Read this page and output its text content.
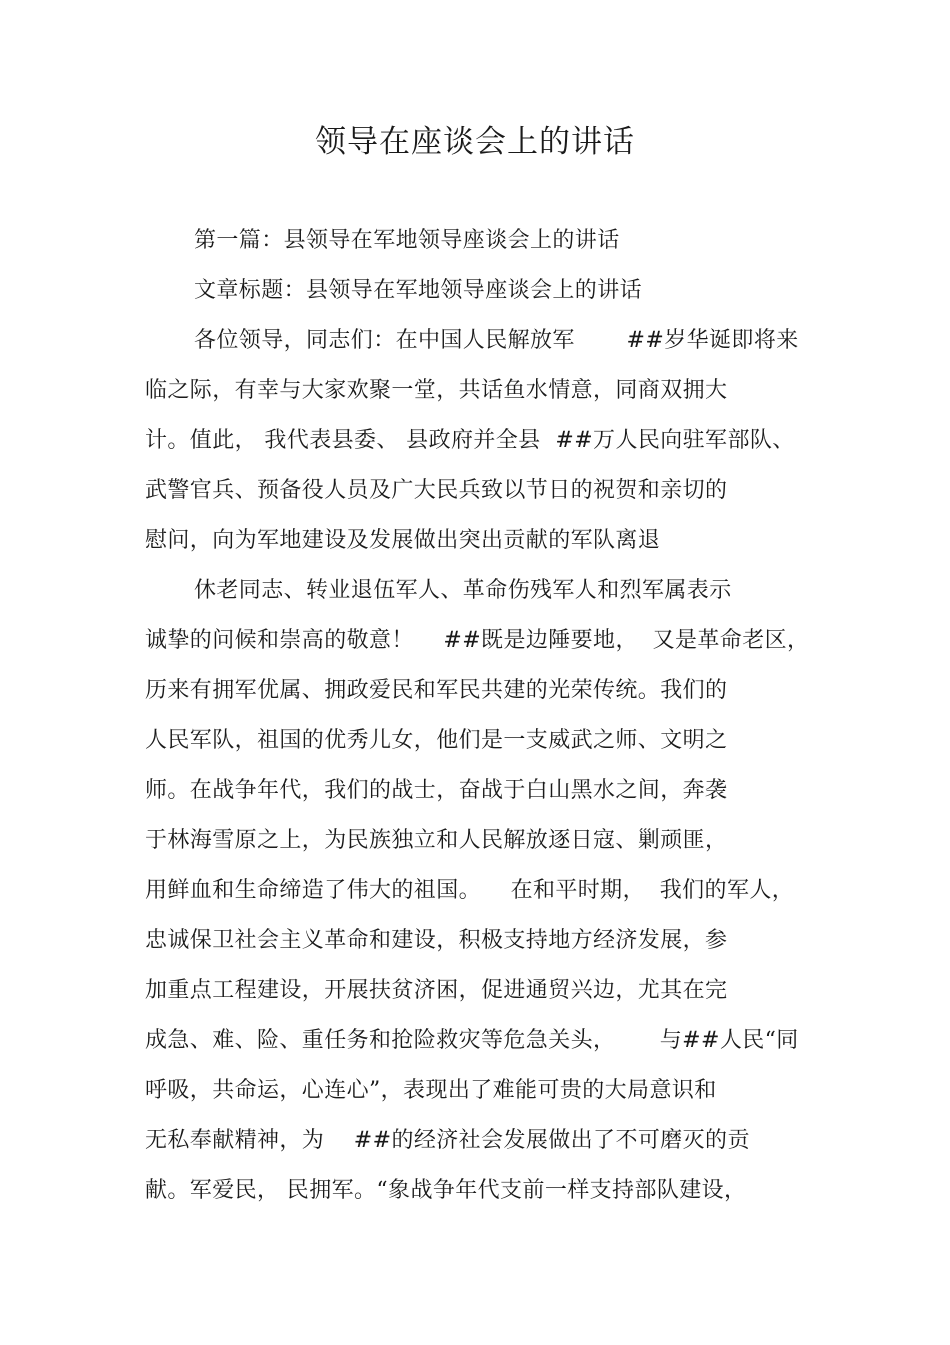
领导在座谈会上的讲话
第一篇：县领导在军地领导座谈会上的讲话
文章标题：县领导在军地领导座谈会上的讲话
各位领导，同志们：在中国人民解放军       ##岁华诞即将来
临之际，有幸与大家欢聚一堂，共话鱼水情意，同商双拥大
计。值此， 我代表县委、 县政府并全县  ##万人民向驻军部队、
武警官兵、预备役人员及广大民兵致以节日的祝贺和亲切的
慰问，向为军地建设及发展做出突出贡献的军队离退
休老同志、转业退伍军人、革命伤残军人和烈军属表示
诚挚的问候和崇高的敬意！    ##既是边陲要地，  又是革命老区，
历来有拥军优属、拥政爱民和军民共建的光荣传统。我们的
人民军队，祖国的优秀儿女，他们是一支威武之师、文明之
师。在战争年代，我们的战士，奋战于白山黑水之间，奔袭
于林海雪原之上，为民族独立和人民解放逐日寇、剿顽匪，
用鲜血和生命缔造了伟大的祖国。    在和平时期，  我们的军人，
忠诚保卫社会主义革命和建设，积极支持地方经济发展，参
加重点工程建设，开展扶贫济困，促进通贸兴边，尤其在完
成急、难、险、重任务和抢险救灾等危急关头，      与##人民“同
呼吸，共命运，心连心”，表现出了难能可贵的大局意识和
无私奉献精神，为    ##的经济社会发展做出了不可磨灭的贡
献。军爱民， 民拥军。“象战争年代支前一样支持部队建设，
